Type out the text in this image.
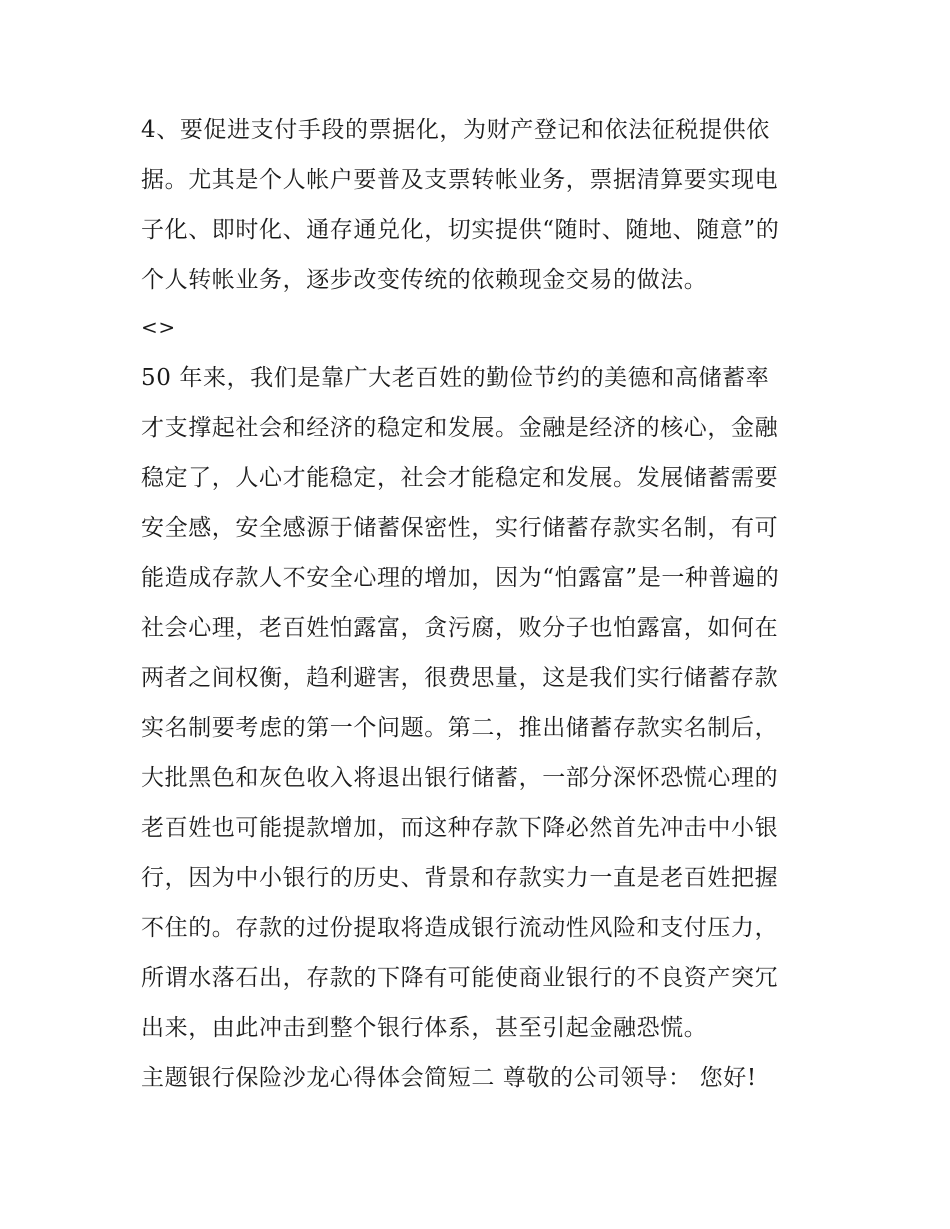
4、要促进支付手段的票据化，为财产登记和依法征税提供依
据。尤其是个人帐户要普及支票转帐业务，票据清算要实现电
子化、即时化、通存通兑化，切实提供“随时、随地、随意”的
个人转帐业务，逐步改变传统的依赖现金交易的做法。
<>
50 年来，我们是靠广大老百姓的勤俭节约的美德和高储蓄率
才支撑起社会和经济的稳定和发展。金融是经济的核心，金融
稳定了，人心才能稳定，社会才能稳定和发展。发展储蓄需要
安全感，安全感源于储蓄保密性，实行储蓄存款实名制，有可
能造成存款人不安全心理的增加，因为“怕露富”是一种普遍的
社会心理，老百姓怕露富，贪污腐，败分子也怕露富，如何在
两者之间权衡，趋利避害，很费思量，这是我们实行储蓄存款
实名制要考虑的第一个问题。第二，推出储蓄存款实名制后，
大批黑色和灰色收入将退出银行储蓄，一部分深怀恐慌心理的
老百姓也可能提款增加，而这种存款下降必然首先冲击中小银
行，因为中小银行的历史、背景和存款实力一直是老百姓把握
不住的。存款的过份提取将造成银行流动性风险和支付压力，
所谓水落石出，存款的下降有可能使商业银行的不良资产突冗
出来，由此冲击到整个银行体系，甚至引起金融恐慌。
主题银行保险沙龙心得体会简短二 尊敬的公司领导： 您好!
